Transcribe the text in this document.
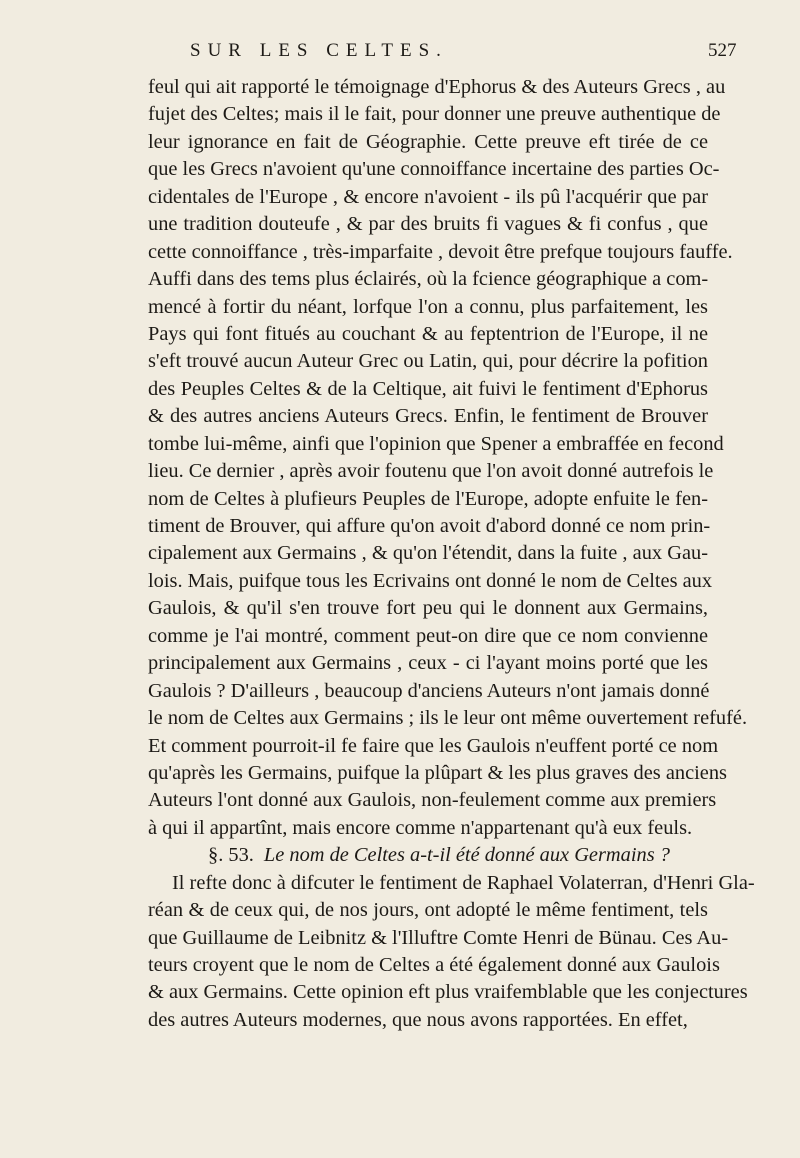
SUR LES CELTES.	527
feul qui ait rapporté le témoignage d'Ephorus & des Auteurs Grecs , au
fujet des Celtes; mais il le fait, pour donner une preuve authentique de
leur ignorance en fait de Géographie. Cette preuve eft tirée de ce
que les Grecs n'avoient qu'une connoiffance incertaine des parties Oc-
cidentales de l'Europe , & encore n'avoient - ils pû l'acquérir que par
une tradition douteufe , & par des bruits fi vagues & fi confus , que
cette connoiffance , très-imparfaite , devoit être prefque toujours fauffe.
Auffi dans des tems plus éclairés, où la fcience géographique a com-
mencé à fortir du néant, lorfque l'on a connu, plus parfaitement, les
Pays qui font fitués au couchant & au feptentrion de l'Europe, il ne
s'eft trouvé aucun Auteur Grec ou Latin, qui, pour décrire la pofition
des Peuples Celtes & de la Celtique, ait fuivi le fentiment d'Ephorus
& des autres anciens Auteurs Grecs. Enfin, le fentiment de Brouver
tombe lui-même, ainfi que l'opinion que Spener a embraffée en fecond
lieu. Ce dernier , après avoir foutenu que l'on avoit donné autrefois le
nom de Celtes à plufieurs Peuples de l'Europe, adopte enfuite le fen-
timent de Brouver, qui affure qu'on avoit d'abord donné ce nom prin-
cipalement aux Germains , & qu'on l'étendit, dans la fuite , aux Gau-
lois. Mais, puifque tous les Ecrivains ont donné le nom de Celtes aux
Gaulois, & qu'il s'en trouve fort peu qui le donnent aux Germains,
comme je l'ai montré, comment peut-on dire que ce nom convienne
principalement aux Germains , ceux - ci l'ayant moins porté que les
Gaulois ? D'ailleurs , beaucoup d'anciens Auteurs n'ont jamais donné
le nom de Celtes aux Germains ; ils le leur ont même ouvertement refufé.
Et comment pourroit-il fe faire que les Gaulois n'euffent porté ce nom
qu'après les Germains, puifque la plûpart & les plus graves des anciens
Auteurs l'ont donné aux Gaulois, non-feulement comme aux premiers
à qui il appartînt, mais encore comme n'appartenant qu'à eux feuls.
§. 53. Le nom de Celtes a-t-il été donné aux Germains ?
Il refte donc à difcuter le fentiment de Raphael Volaterran, d'Henri Gla-
réan & de ceux qui, de nos jours, ont adopté le même fentiment, tels
que Guillaume de Leibnitz & l'Illuftre Comte Henri de Bünau. Ces Au-
teurs croyent que le nom de Celtes a été également donné aux Gaulois
& aux Germains. Cette opinion eft plus vraifemblable que les conjectures
des autres Auteurs modernes, que nous avons rapportées. En effet,
